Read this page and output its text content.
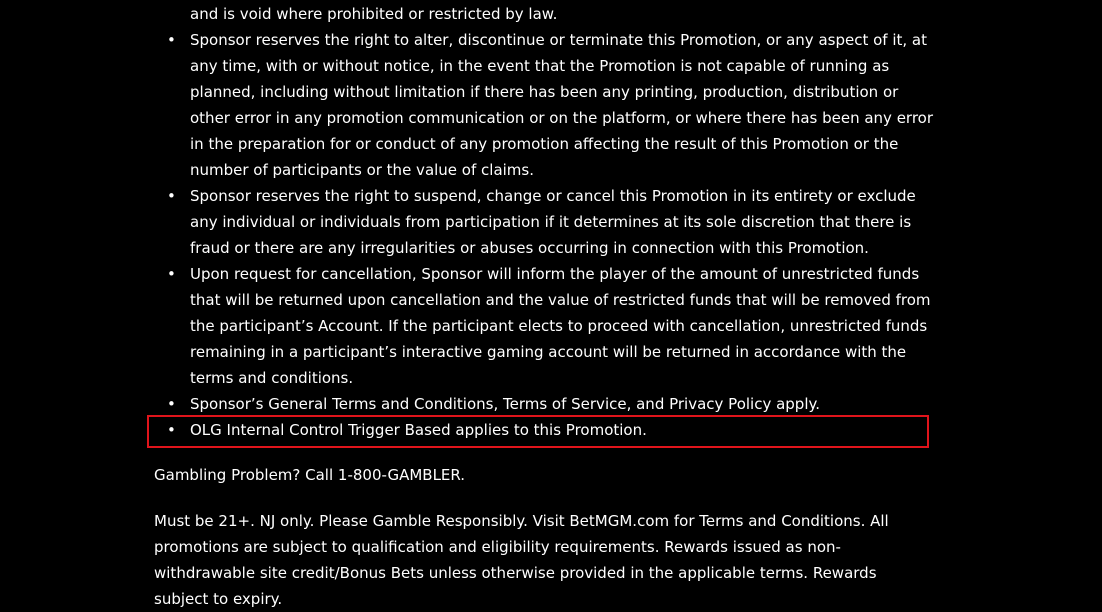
and is void where prohibited or restricted by law.
• Sponsor reserves the right to alter, discontinue or terminate this Promotion, or any aspect of it, at any time, with or without notice, in the event that the Promotion is not capable of running as planned, including without limitation if there has been any printing, production, distribution or other error in any promotion communication or on the platform, or where there has been any error in the preparation for or conduct of any promotion affecting the result of this Promotion or the number of participants or the value of claims.
• Sponsor reserves the right to suspend, change or cancel this Promotion in its entirety or exclude any individual or individuals from participation if it determines at its sole discretion that there is fraud or there are any irregularities or abuses occurring in connection with this Promotion.
• Upon request for cancellation, Sponsor will inform the player of the amount of unrestricted funds that will be returned upon cancellation and the value of restricted funds that will be removed from the participant’s Account. If the participant elects to proceed with cancellation, unrestricted funds remaining in a participant’s interactive gaming account will be returned in accordance with the terms and conditions.
• Sponsor’s General Terms and Conditions, Terms of Service, and Privacy Policy apply.
• OLG Internal Control Trigger Based applies to this Promotion.

Gambling Problem? Call 1-800-GAMBLER.

Must be 21+. NJ only. Please Gamble Responsibly. Visit BetMGM.com for Terms and Conditions. All promotions are subject to qualification and eligibility requirements. Rewards issued as non-withdrawable site credit/Bonus Bets unless otherwise provided in the applicable terms. Rewards subject to expiry.
